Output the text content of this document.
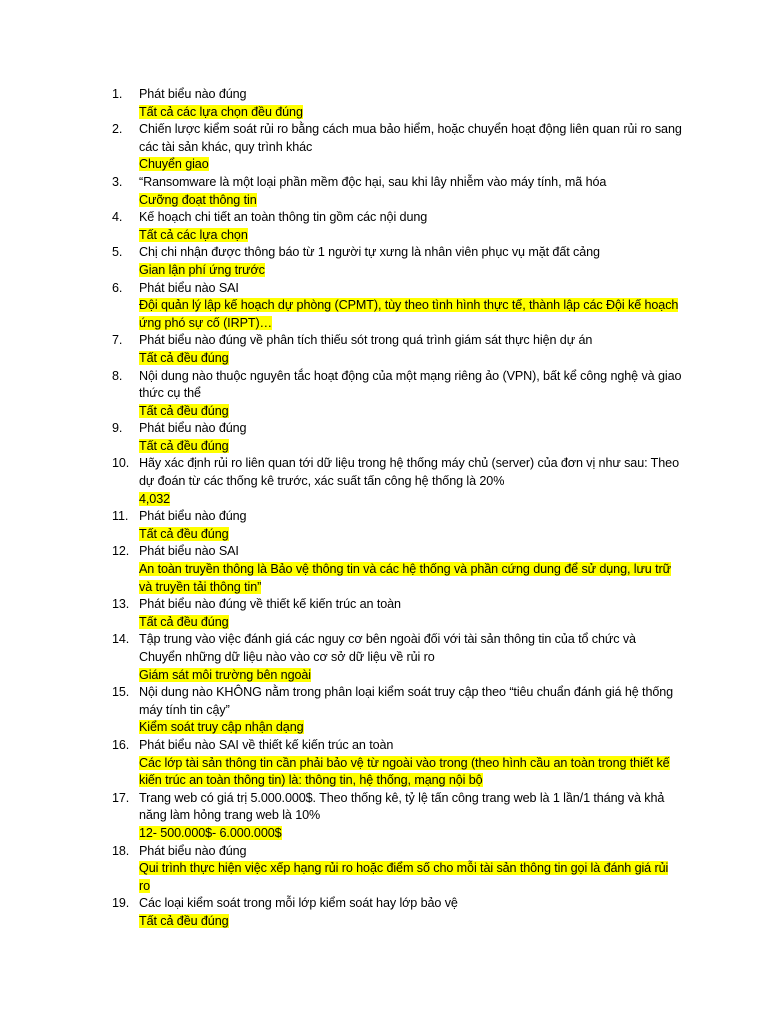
1.	Phát biểu nào đúng
Tất cả các lựa chọn đều đúng
2.	Chiến lược kiểm soát rủi ro bằng cách mua bảo hiểm, hoặc chuyển hoạt động liên quan rủi ro sang các tài sản khác, quy trình khác
Chuyển giao
3.	“Ransomware là một loại phần mềm độc hại, sau khi lây nhiễm vào máy tính, mã hóa
Cưỡng đoạt thông tin
4.	Kế hoạch chi tiết an toàn thông tin gồm các nội dung
Tất cả các lựa chọn
5.	Chị chi nhận được thông báo từ 1 người tự xưng là nhân viên phục vụ mặt đất cảng
Gian lận phí ứng trước
6.	Phát biểu nào SAI
Đội quản lý lập kế hoạch dự phòng (CPMT), tùy theo tình hình thực tế, thành lập các Đội kế hoạch ứng phó sự cố (IRPT)…
7.	Phát biểu nào đúng về phân tích thiếu sót trong quá trình giám sát thực hiện dự án
Tất cả đều đúng
8.	Nội dung nào thuộc nguyên tắc hoạt động của một mạng riêng ảo (VPN), bất kể công nghệ và giao thức cụ thể
Tất cả đều đúng
9.	Phát biểu nào đúng
Tất cả đều đúng
10. Hãy xác định rủi ro liên quan tới dữ liệu trong hệ thống máy chủ (server) của đơn vị như sau: Theo dự đoán từ các thống kê trước, xác suất tấn công hệ thống là 20%
4,032
11. Phát biểu nào đúng
Tất cả đều đúng
12. Phát biểu nào SAI
An toàn truyền thông là Bảo vệ thông tin và các hệ thống và phần cứng dung để sử dụng, lưu trữ và truyền tải thông tin”
13. Phát biểu nào đúng về thiết kế kiến trúc an toàn
Tất cả đều đúng
14. Tập trung vào việc đánh giá các nguy cơ bên ngoài đối với tài sản thông tin của tổ chức và Chuyển những dữ liệu nào vào cơ sở dữ liệu về rủi ro
Giám sát môi trường bên ngoài
15. Nội dung nào KHÔNG nằm trong phân loại kiểm soát truy cập theo “tiêu chuẩn đánh giá hệ thống máy tính tin cậy”
Kiểm soát truy cập nhận dạng
16. Phát biểu nào SAI về thiết kế kiến trúc an toàn
Các lớp tài sản thông tin cần phải bảo vệ từ ngoài vào trong (theo hình cầu an toàn trong thiết kế kiến trúc an toàn thông tin) là: thông tin, hệ thống, mạng nội bộ
17. Trang web có giá trị 5.000.000$. Theo thống kê, tỷ lệ tấn công trang web là 1 lần/1 tháng và khả năng làm hỏng trang web là 10%
12- 500.000$- 6.000.000$
18. Phát biểu nào đúng
Qui trình thực hiện việc xếp hạng rủi ro hoặc điểm số cho mỗi tài sản thông tin gọi là đánh giá rủi ro
19. Các loại kiểm soát trong mỗi lớp kiểm soát hay lớp bảo vệ
Tất cả đều đúng
